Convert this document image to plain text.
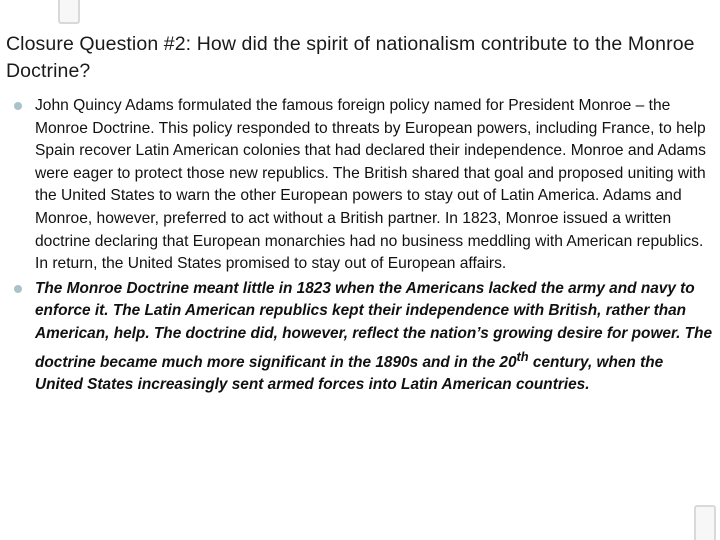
Closure Question #2: How did the spirit of nationalism contribute to the Monroe Doctrine?
John Quincy Adams formulated the famous foreign policy named for President Monroe – the Monroe Doctrine. This policy responded to threats by European powers, including France, to help Spain recover Latin American colonies that had declared their independence. Monroe and Adams were eager to protect those new republics. The British shared that goal and proposed uniting with the United States to warn the other European powers to stay out of Latin America. Adams and Monroe, however, preferred to act without a British partner. In 1823, Monroe issued a written doctrine declaring that European monarchies had no business meddling with American republics. In return, the United States promised to stay out of European affairs.
The Monroe Doctrine meant little in 1823 when the Americans lacked the army and navy to enforce it. The Latin American republics kept their independence with British, rather than American, help. The doctrine did, however, reflect the nation’s growing desire for power. The doctrine became much more significant in the 1890s and in the 20th century, when the United States increasingly sent armed forces into Latin American countries.
